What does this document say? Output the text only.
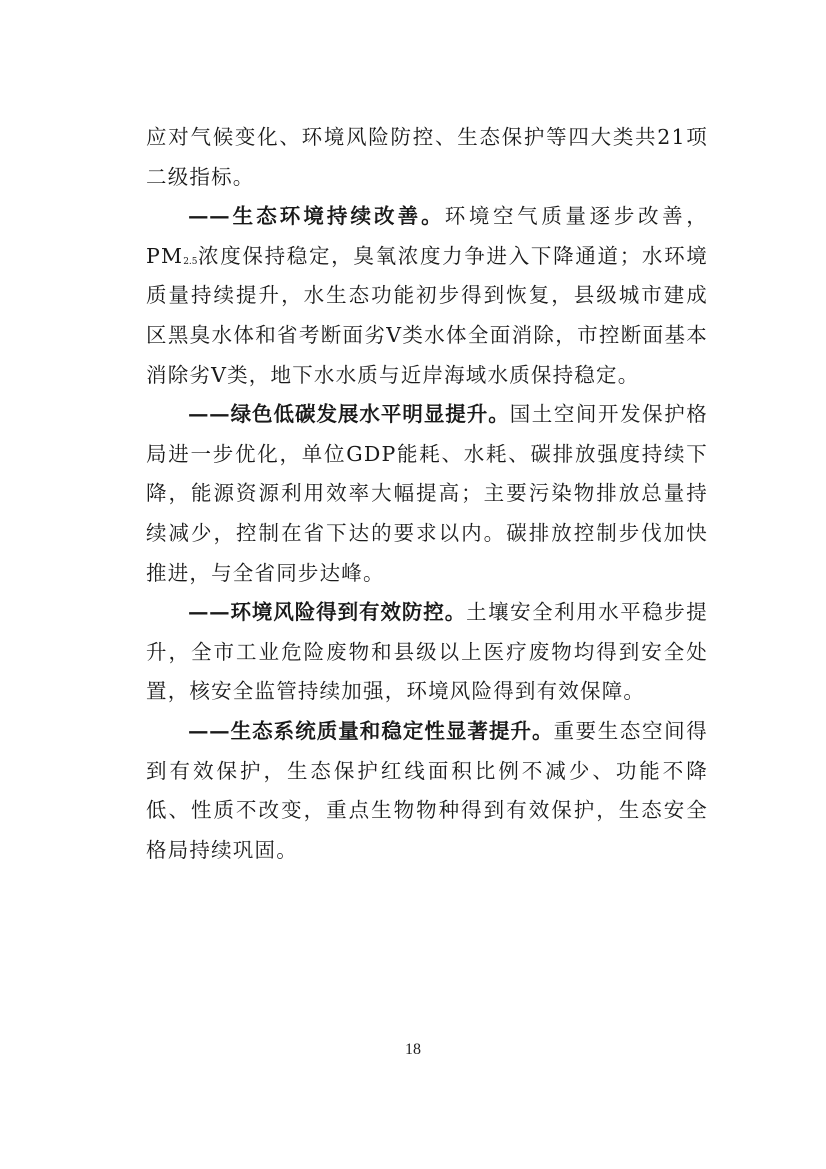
应对气候变化、环境风险防控、生态保护等四大类共21项二级指标。

——生态环境持续改善。环境空气质量逐步改善，$PM_{2.5}$浓度保持稳定，臭氧浓度力争进入下降通道；水环境质量持续提升，水生态功能初步得到恢复，县级城市建成区黑臭水体和省考断面劣Ⅴ类水体全面消除，市控断面基本消除劣Ⅴ类，地下水水质与近岸海域水质保持稳定。

——绿色低碳发展水平明显提升。国土空间开发保护格局进一步优化，单位GDP能耗、水耗、碳排放强度持续下降，能源资源利用效率大幅提高；主要污染物排放总量持续减少，控制在省下达的要求以内。碳排放控制步伐加快推进，与全省同步达峰。

——环境风险得到有效防控。土壤安全利用水平稳步提升，全市工业危险废物和县级以上医疗废物均得到安全处置，核安全监管持续加强，环境风险得到有效保障。

——生态系统质量和稳定性显著提升。重要生态空间得到有效保护，生态保护红线面积比例不减少、功能不降低、性质不改变，重点生物物种得到有效保护，生态安全格局持续巩固。

18
